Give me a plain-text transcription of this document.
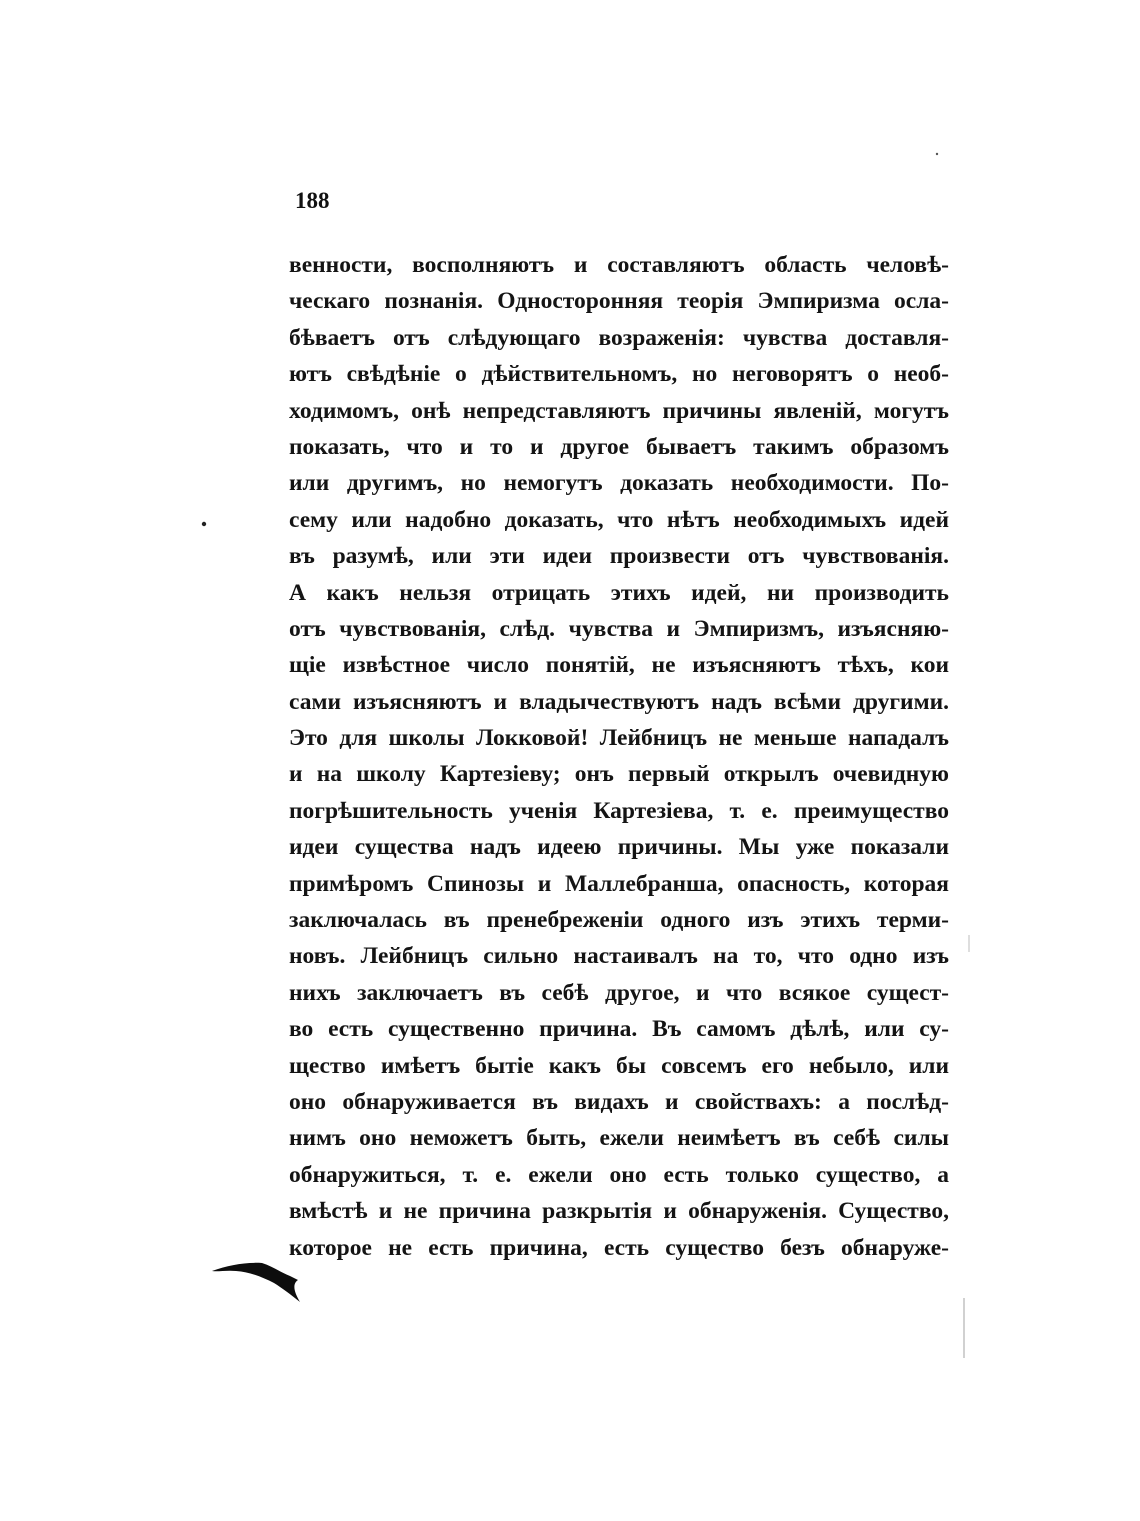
188

венности, восполняютъ и составляютъ область человѣ-
ческаго познанія. Односторонняя теорія Эмпиризма осла-
бѣваетъ отъ слѣдующаго возраженія: чувства доставля-
ютъ свѣдѣніе о дѣйствительномъ, но неговорятъ о необ-
ходимомъ, онѣ непредставляютъ причины явленій, могутъ
показать, что и то и другое бываетъ такимъ образомъ
или другимъ, но немогутъ доказать необходимости. По-
сему или надобно доказать, что нѣтъ необходимыхъ идей
въ разумѣ, или эти идеи произвести отъ чувствованія.
А какъ нельзя отрицать этихъ идей, ни производить
отъ чувствованія, слѣд. чувства и Эмпиризмъ, изъясняю-
щіе извѣстное число понятій, не изъясняютъ тѣхъ, кои
сами изъясняютъ и владычествуютъ надъ всѣми другими.
Это для школы Локковой! Лейбницъ не меньше нападалъ
и на школу Картезіеву; онъ первый открылъ очевидную
погрѣшительность ученія Картезіева, т. е. преимущество
идеи существа надъ идеею причины. Мы уже показали
примѣромъ Спинозы и Маллебранша, опасность, которая
заключалась въ пренебреженіи одного изъ этихъ терми-
новъ. Лейбницъ сильно настаивалъ на то, что одно изъ
нихъ заключаетъ въ себѣ другое, и что всякое сущест-
во есть существенно причина. Въ самомъ дѣлѣ, или су-
щество имѣетъ бытіе какъ бы совсемъ его небыло, или
оно обнаруживается въ видахъ и свойствахъ: а послѣд-
нимъ оно неможетъ быть, ежели неимѣетъ въ себѣ силы
обнаружиться, т. е. ежели оно есть только существо, а
вмѣстѣ и не причина разкрытія и обнаруженія. Существо,
которое не есть причина, есть существо безъ обнаруже-
